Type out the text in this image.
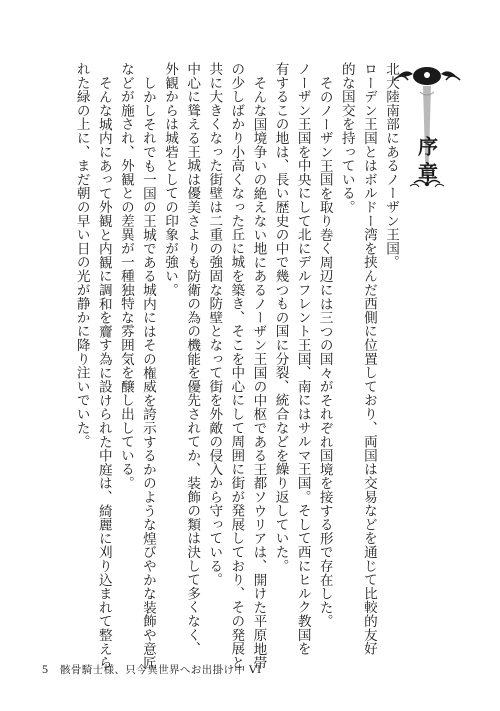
序章

北大陸南部にあるノーザン王国。

ローデン王国とはボルドー湾を挟んだ西側に位置しており、両国は交易などを通じて比較的友好

的な国交を持っている。

そのノーザン王国を取り巻く周辺には三つの国々がそれぞれ国境を接する形で存在した。

ノーザン王国を中央にして北にデルフレント王国、南にはサルマ王国。そして西にヒルク教国を

有するこの地は、長い歴史の中で幾つもの国に分裂、統合などを繰り返していた。

そんな国境争いの絶えない地にあるノーザン王国の中枢である王都ソウリアは、開けた平原地帯

の少しばかり小高くなった丘に城を築き、そこを中心にして周囲に街が発展しており、その発展と

共に大きくなった街壁は二重の強固な防壁となって街を外敵の侵入から守っている。

中心に聳える王城は優美さよりも防衛の為の機能を優先されてか、装飾の類は決して多くなく、

外観からは城砦としての印象が強い。

しかしそれでも一国の王城である城内にはその権威を誇示するかのような煌びやかな装飾や意匠

などが施され、外観との差異が一種独特な雰囲気を醸し出している。

そんな城内にあって外観と内観に調和を齎す為に設けられた中庭は、綺麗に刈り込まれて整えら

れた緑の上に、まだ朝の早い日の光が静かに降り注いでいた。

5 骸骨騎士様、只今異世界へお出掛け中 VI
